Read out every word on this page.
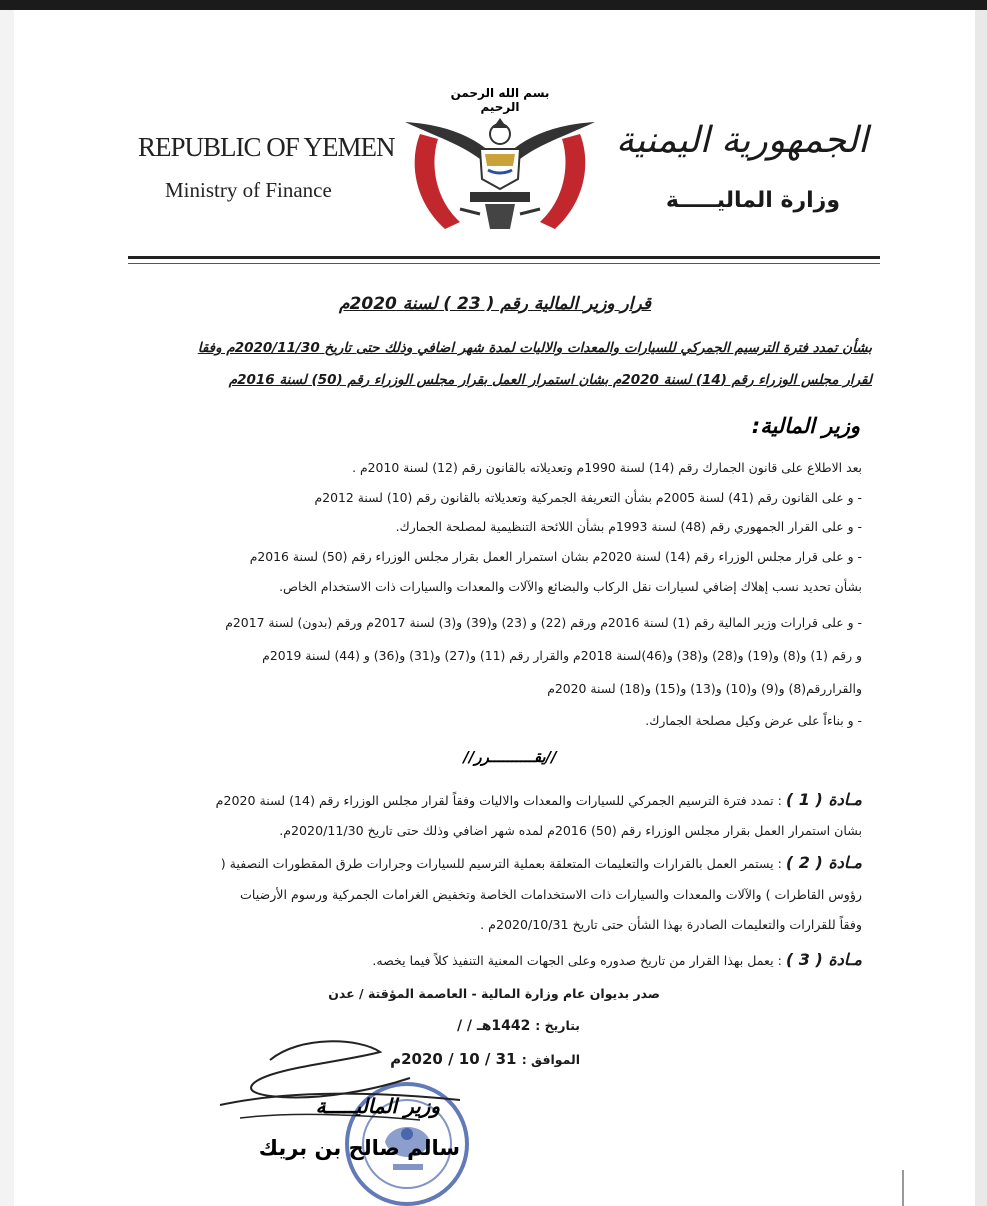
بسم الله الرحمن الرحيم
REPUBLIC OF YEMEN
Ministry of Finance
الجمهورية اليمنية
وزارة الماليـــــة
قرار وزير المالية رقم ( 23 ) لسنة 2020م
بشأن تمدد فترة الترسيم الجمركي للسيارات والمعدات والاليات لمدة شهر اضافي وذلك حتى تاريخ 2020/11/30م وفقا
لقرار مجلس الوزراء رقم (14) لسنة 2020م بشان استمرار العمل بقرار مجلس الوزراء رقم (50) لسنة 2016م
وزير المالية:
بعد الاطلاع على قانون الجمارك رقم (14) لسنة 1990م وتعديلاته بالقانون رقم (12) لسنة 2010م .
- و على القانون رقم (41) لسنة 2005م بشأن التعريفة الجمركية وتعديلاته بالقانون رقم (10) لسنة 2012م
- و على القرار الجمهوري رقم (48) لسنة 1993م بشأن اللائحة التنظيمية لمصلحة الجمارك.
- و على قرار مجلس الوزراء رقم (14) لسنة 2020م بشان استمرار العمل بقرار مجلس الوزراء رقم (50) لسنة 2016م
بشأن تحديد نسب إهلاك إضافي لسيارات نقل الركاب والبضائع والآلات والمعدات والسيارات ذات الاستخدام الخاص.
- و على قرارات وزير المالية رقم (1) لسنة 2016م ورقم (22) و (23) و(39) و(3) لسنة 2017م ورقم (بدون) لسنة 2017م
و رقم (1) و(8) و(19) و(28) و(38) و(46)لسنة 2018م والقرار رقم (11) و(27) و(31) و(36) و (44) لسنة 2019م
والقراررقم(8) و(9) و(10) و(13) و(15) و(18) لسنة 2020م
- و بناءاً على عرض وكيل مصلحة الجمارك.
//يقــــــــــرر//
مـادة ( 1 ) : تمدد فترة الترسيم الجمركي للسيارات والمعدات والاليات وفقاً لقرار مجلس الوزراء رقم (14) لسنة 2020م
بشان استمرار العمل بقرار مجلس الوزراء رقم (50) 2016م لمده شهر اضافي وذلك حتى تاريخ 2020/11/30م.
مـادة ( 2 ) : يستمر العمل بالقرارات والتعليمات المتعلقة بعملية الترسيم للسيارات وجرارات طرق المقطورات النصفية (
رؤوس القاطرات ) والآلات والمعدات والسيارات ذات الاستخدامات الخاصة وتخفيض الغرامات الجمركية ورسوم الأرضيات
وفقاً للقرارات والتعليمات الصادرة بهذا الشأن حتى تاريخ 2020/10/31م .
مـادة ( 3 ) : يعمل بهذا القرار من تاريخ صدوره وعلى الجهات المعنية التنفيذ كلاً فيما يخصه.
صدر بديوان عام وزارة المالية - العاصمة المؤقتة / عدن
بتاريخ : 1442هـ / /
الموافق : 31 / 10 / 2020م
وزير الماليـــــة
سالم صالح بن بريك
